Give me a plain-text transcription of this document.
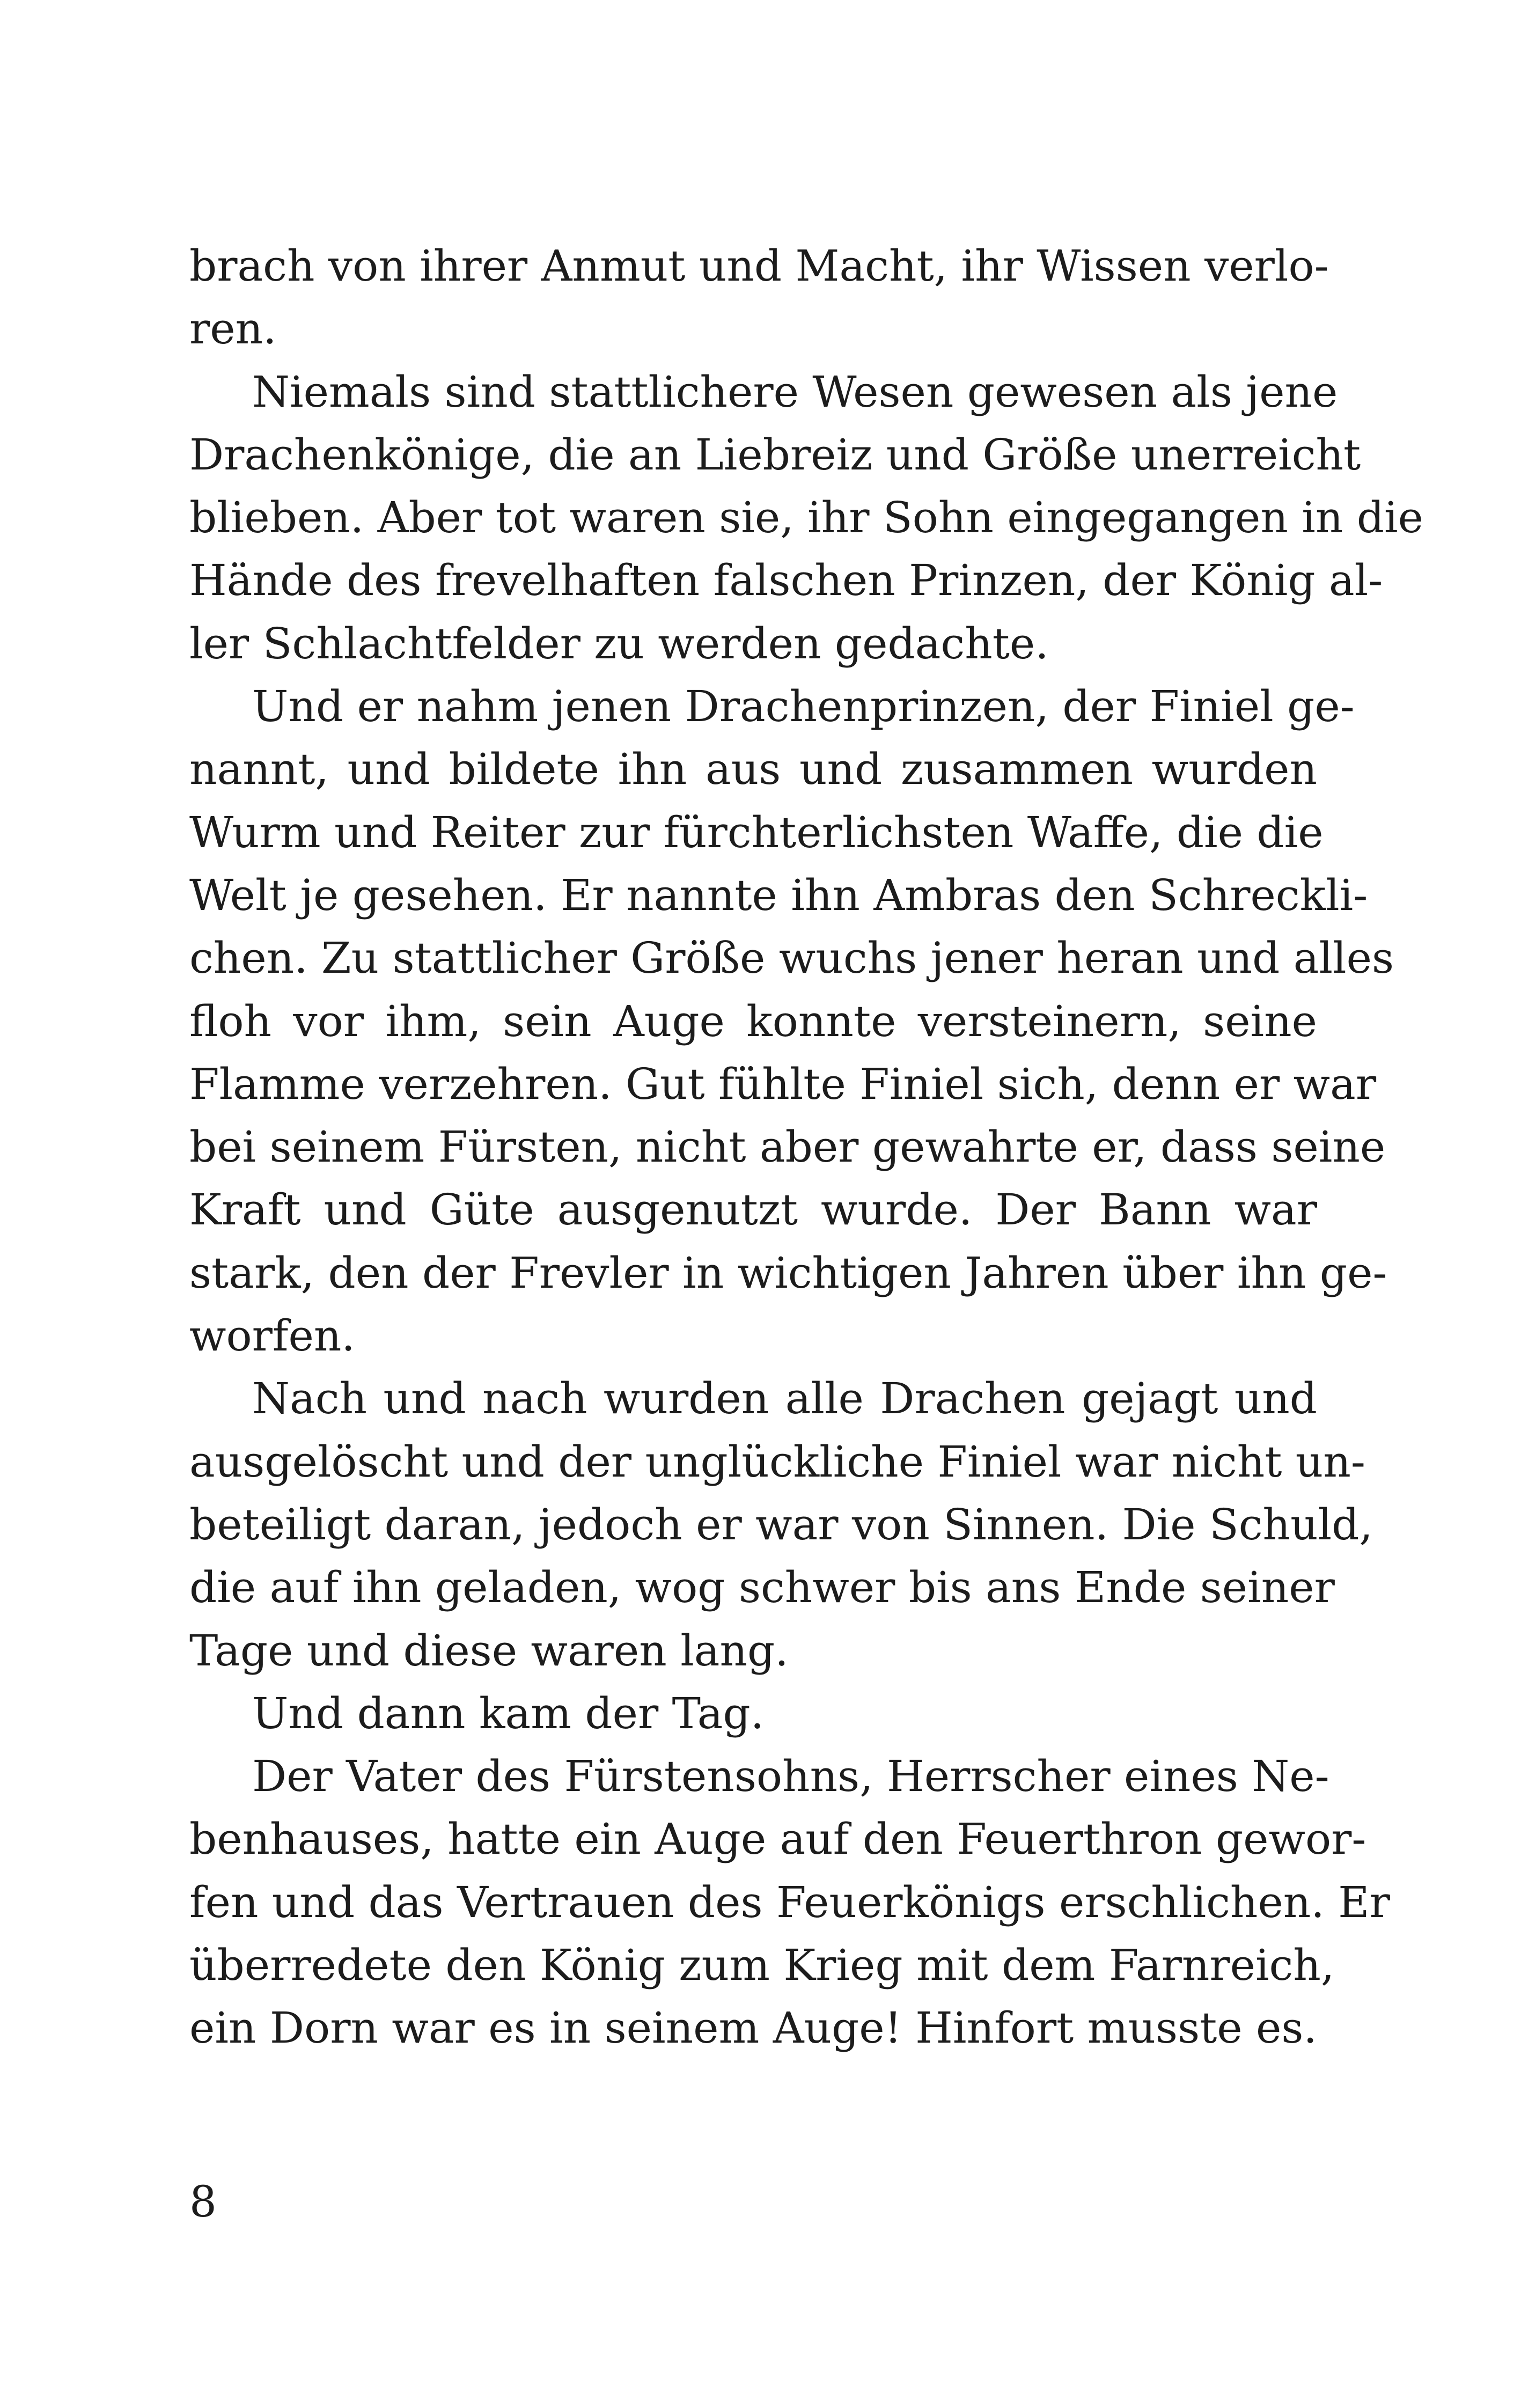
brach von ihrer Anmut und Macht, ihr Wissen verlo-
ren.
Niemals sind stattlichere Wesen gewesen als jene
Drachenkönige, die an Liebreiz und Größe unerreicht
blieben. Aber tot waren sie, ihr Sohn eingegangen in die
Hände des frevelhaften falschen Prinzen, der König al-
ler Schlachtfelder zu werden gedachte.
Und er nahm jenen Drachenprinzen, der Finiel ge-
nannt, und bildete ihn aus und zusammen wurden
Wurm und Reiter zur fürchterlichsten Waffe, die die
Welt je gesehen. Er nannte ihn Ambras den Schreckli-
chen. Zu stattlicher Größe wuchs jener heran und alles
floh vor ihm, sein Auge konnte versteinern, seine
Flamme verzehren. Gut fühlte Finiel sich, denn er war
bei seinem Fürsten, nicht aber gewahrte er, dass seine
Kraft und Güte ausgenutzt wurde. Der Bann war
stark, den der Frevler in wichtigen Jahren über ihn ge-
worfen.
Nach und nach wurden alle Drachen gejagt und
ausgelöscht und der unglückliche Finiel war nicht un-
beteiligt daran, jedoch er war von Sinnen. Die Schuld,
die auf ihn geladen, wog schwer bis ans Ende seiner
Tage und diese waren lang.
Und dann kam der Tag.
Der Vater des Fürstensohns, Herrscher eines Ne-
benhauses, hatte ein Auge auf den Feuerthron gewor-
fen und das Vertrauen des Feuerkönigs erschlichen. Er
überredete den König zum Krieg mit dem Farnreich,
ein Dorn war es in seinem Auge! Hinfort musste es.
8
